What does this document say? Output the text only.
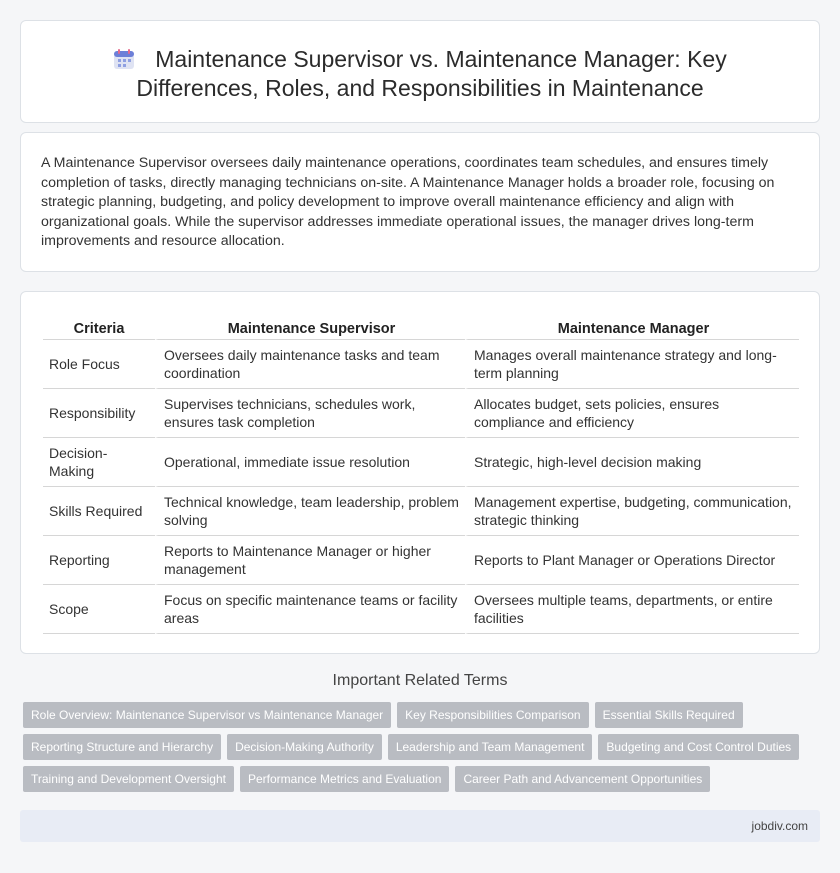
Maintenance Supervisor vs. Maintenance Manager: Key Differences, Roles, and Responsibilities in Maintenance

A Maintenance Supervisor oversees daily maintenance operations, coordinates team schedules, and ensures timely completion of tasks, directly managing technicians on-site. A Maintenance Manager holds a broader role, focusing on strategic planning, budgeting, and policy development to improve overall maintenance efficiency and align with organizational goals. While the supervisor addresses immediate operational issues, the manager drives long-term improvements and resource allocation.

Criteria	Maintenance Supervisor	Maintenance Manager
Role Focus	Oversees daily maintenance tasks and team coordination	Manages overall maintenance strategy and long-term planning
Responsibility	Supervises technicians, schedules work, ensures task completion	Allocates budget, sets policies, ensures compliance and efficiency
Decision-Making	Operational, immediate issue resolution	Strategic, high-level decision making
Skills Required	Technical knowledge, team leadership, problem solving	Management expertise, budgeting, communication, strategic thinking
Reporting	Reports to Maintenance Manager or higher management	Reports to Plant Manager or Operations Director
Scope	Focus on specific maintenance teams or facility areas	Oversees multiple teams, departments, or entire facilities
Important Related Terms
Role Overview: Maintenance Supervisor vs Maintenance Manager	Key Responsibilities Comparison	Essential Skills Required
Reporting Structure and Hierarchy	Decision-Making Authority	Leadership and Team Management	Budgeting and Cost Control Duties
Training and Development Oversight	Performance Metrics and Evaluation	Career Path and Advancement Opportunities
jobdiv.com
